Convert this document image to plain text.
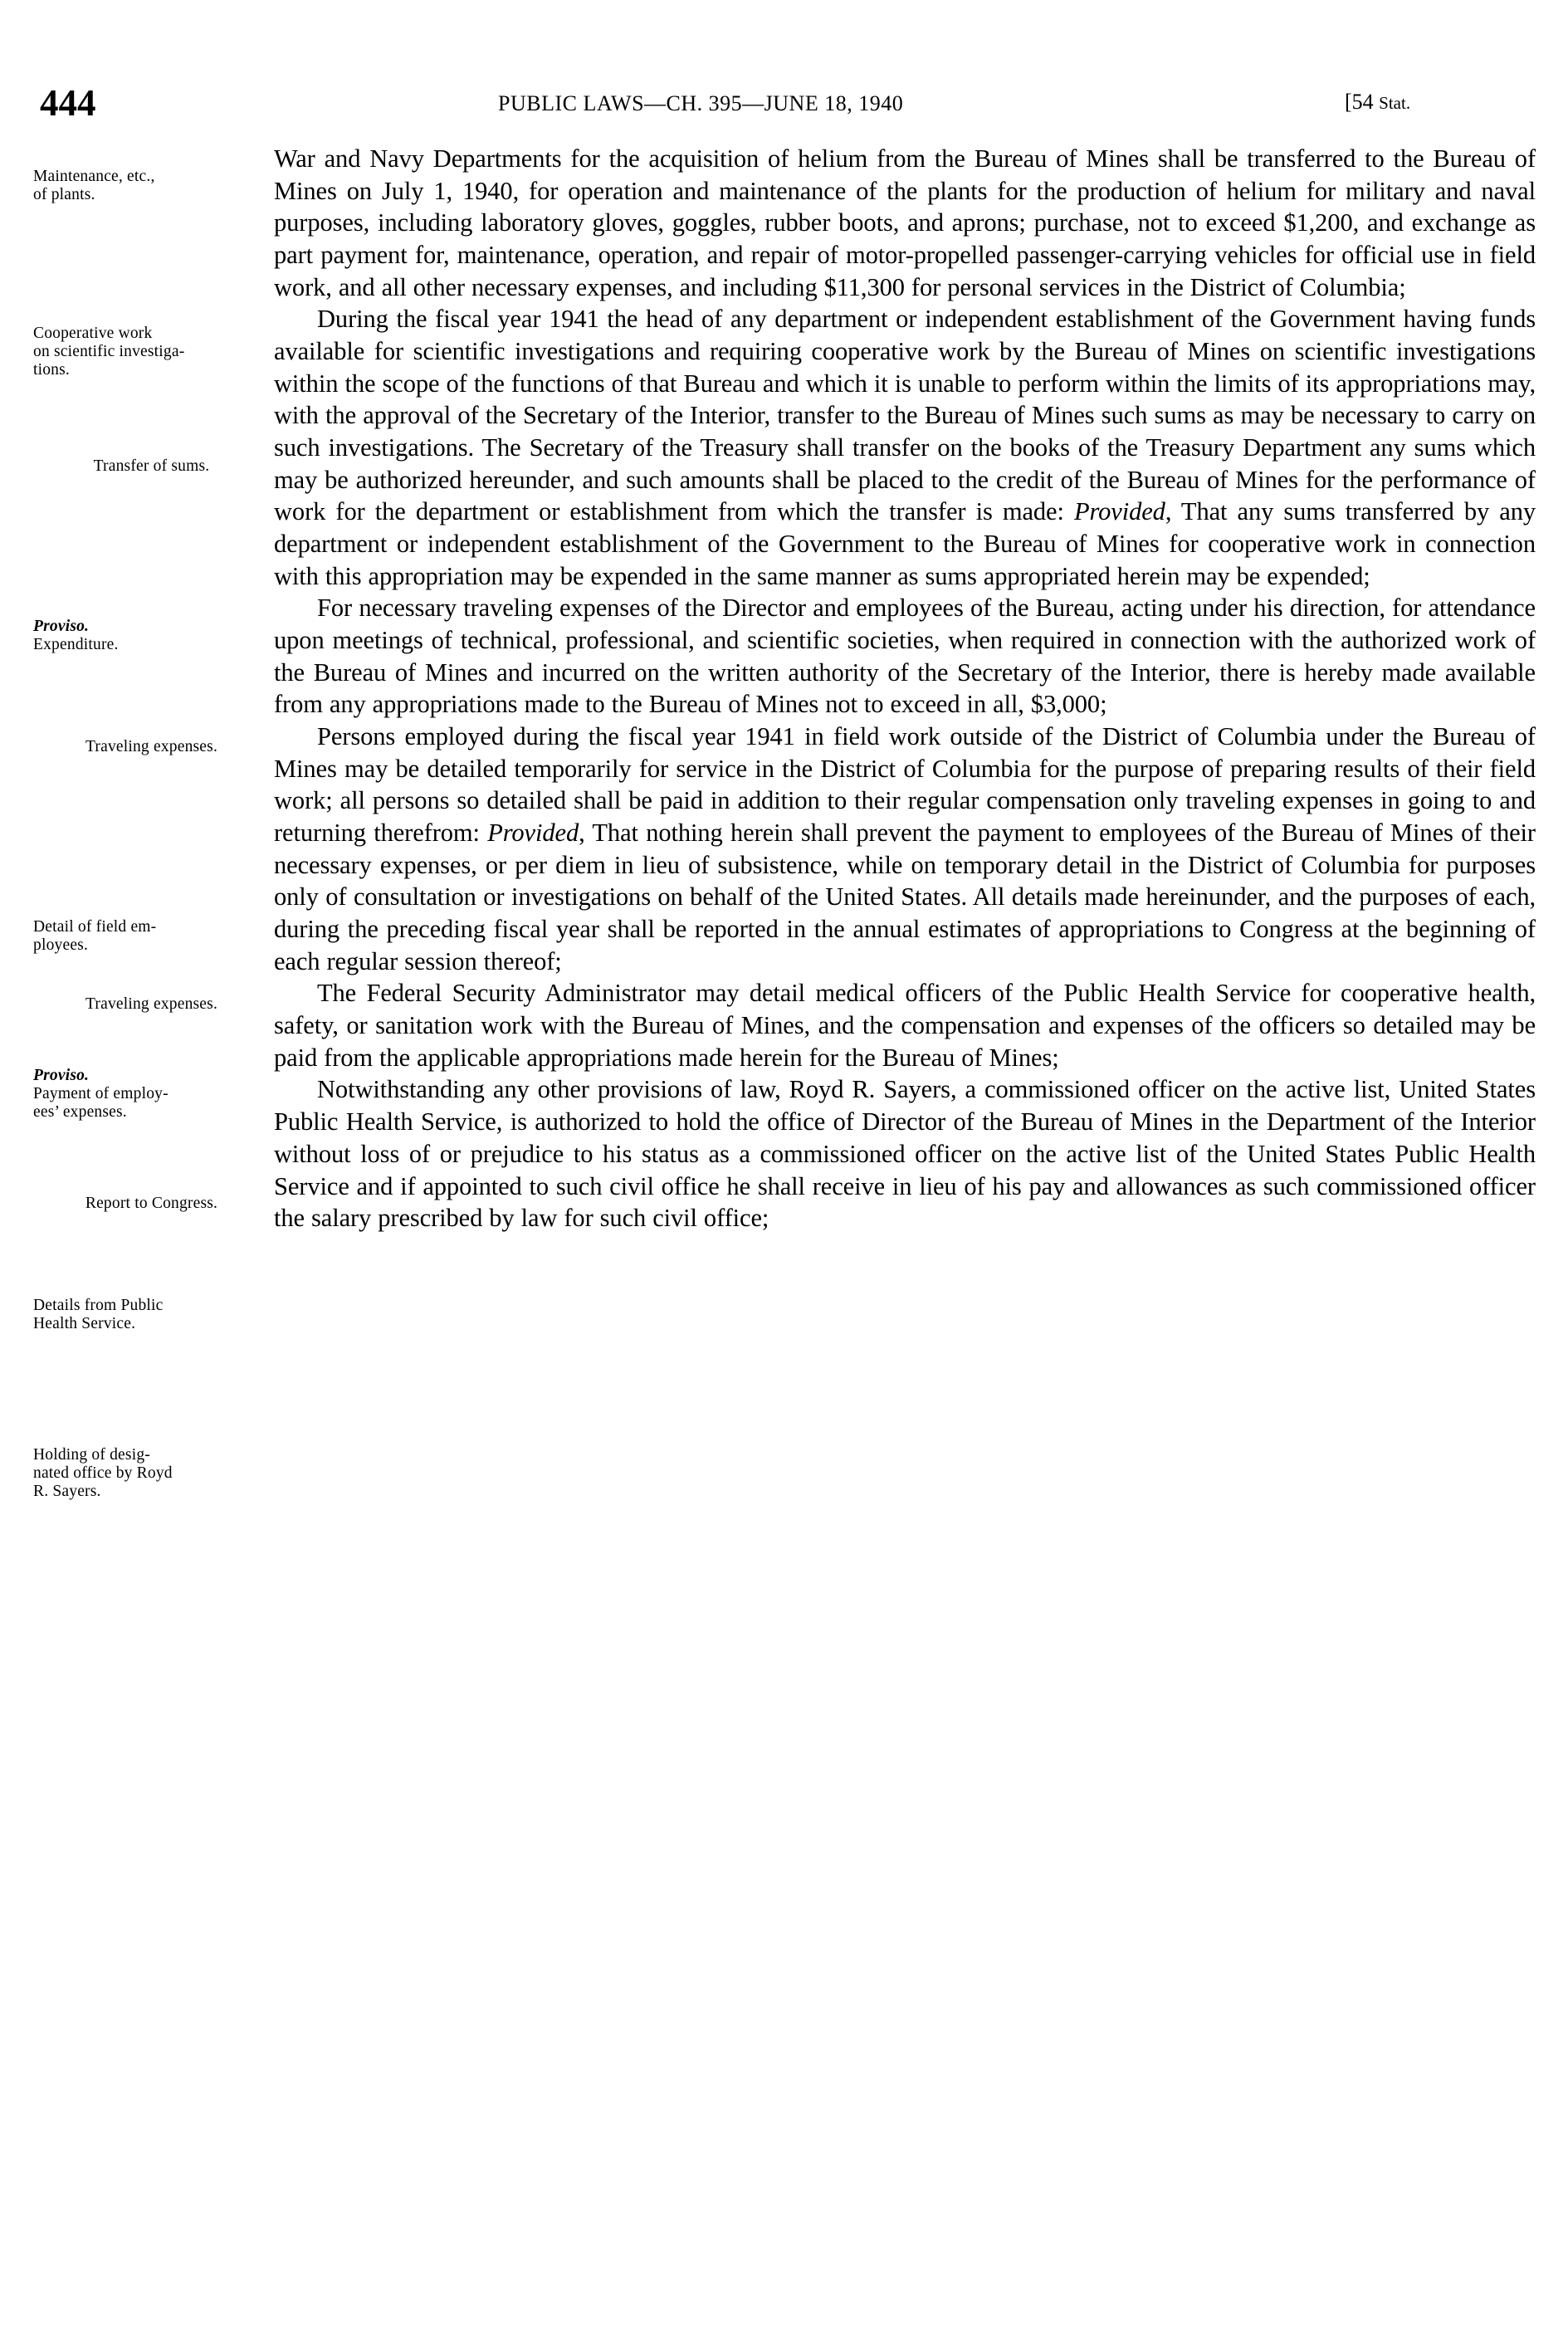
444	PUBLIC LAWS—CH. 395—JUNE 18, 1940	[54 Stat.
Maintenance, etc.,
of plants.
Cooperative work
on scientific investiga-
tions.
Transfer of sums.
Proviso.
Expenditure.
Traveling expenses.
Detail of field em-
ployees.
Traveling expenses.
Proviso.
Payment of employ-
ees’ expenses.
Report to Congress.
Details from Public
Health Service.
Holding of desig-
nated office by Royd
R. Sayers.

War and Navy Departments for the acquisition of helium from the Bureau of Mines shall be transferred to the Bureau of Mines on July 1, 1940, for operation and maintenance of the plants for the production of helium for military and naval purposes, including laboratory gloves, goggles, rubber boots, and aprons; purchase, not to exceed $1,200, and exchange as part payment for, maintenance, operation, and repair of motor-propelled passenger-carrying vehicles for official use in field work, and all other necessary expenses, and including $11,300 for personal services in the District of Columbia;

During the fiscal year 1941 the head of any department or independent establishment of the Government having funds available for scientific investigations and requiring cooperative work by the Bureau of Mines on scientific investigations within the scope of the functions of that Bureau and which it is unable to perform within the limits of its appropriations may, with the approval of the Secretary of the Interior, transfer to the Bureau of Mines such sums as may be necessary to carry on such investigations. The Secretary of the Treasury shall transfer on the books of the Treasury Department any sums which may be authorized hereunder, and such amounts shall be placed to the credit of the Bureau of Mines for the performance of work for the department or establishment from which the transfer is made: Provided, That any sums transferred by any department or independent establishment of the Government to the Bureau of Mines for cooperative work in connection with this appropriation may be expended in the same manner as sums appropriated herein may be expended;

For necessary traveling expenses of the Director and employees of the Bureau, acting under his direction, for attendance upon meetings of technical, professional, and scientific societies, when required in connection with the authorized work of the Bureau of Mines and incurred on the written authority of the Secretary of the Interior, there is hereby made available from any appropriations made to the Bureau of Mines not to exceed in all, $3,000;

Persons employed during the fiscal year 1941 in field work outside of the District of Columbia under the Bureau of Mines may be detailed temporarily for service in the District of Columbia for the purpose of preparing results of their field work; all persons so detailed shall be paid in addition to their regular compensation only traveling expenses in going to and returning therefrom: Provided, That nothing herein shall prevent the payment to employees of the Bureau of Mines of their necessary expenses, or per diem in lieu of subsistence, while on temporary detail in the District of Columbia for purposes only of consultation or investigations on behalf of the United States. All details made hereinunder, and the purposes of each, during the preceding fiscal year shall be reported in the annual estimates of appropriations to Congress at the beginning of each regular session thereof;

The Federal Security Administrator may detail medical officers of the Public Health Service for cooperative health, safety, or sanitation work with the Bureau of Mines, and the compensation and expenses of the officers so detailed may be paid from the applicable appropriations made herein for the Bureau of Mines;

Notwithstanding any other provisions of law, Royd R. Sayers, a commissioned officer on the active list, United States Public Health Service, is authorized to hold the office of Director of the Bureau of Mines in the Department of the Interior without loss of or prejudice to his status as a commissioned officer on the active list of the United States Public Health Service and if appointed to such civil office he shall receive in lieu of his pay and allowances as such commissioned officer the salary prescribed by law for such civil office;
